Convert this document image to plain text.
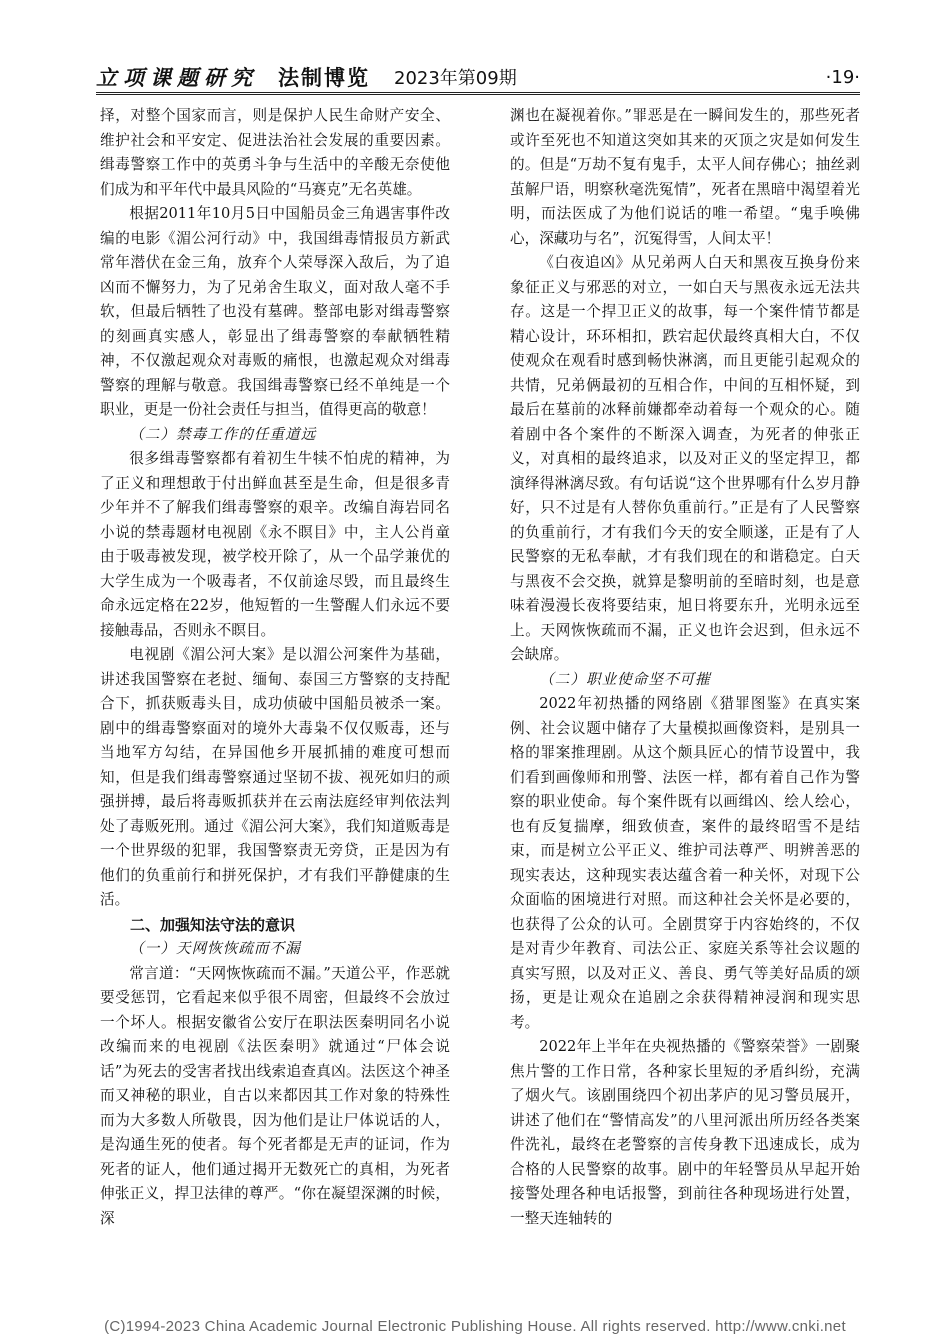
立项课题研究 法制博览 2023年第09期	·19·

择，对整个国家而言，则是保护人民生命财产安全、维护社会和平安定、促进法治社会发展的重要因素。缉毒警察工作中的英勇斗争与生活中的辛酸无奈使他们成为和平年代中最具风险的“马赛克”无名英雄。

根据2011年10月5日中国船员金三角遇害事件改编的电影《湄公河行动》中，我国缉毒情报员方新武常年潜伏在金三角，放弃个人荣辱深入敌后，为了追凶而不懈努力，为了兄弟舍生取义，面对敌人毫不手软，但最后牺牲了也没有墓碑。整部电影对缉毒警察的刻画真实感人，彰显出了缉毒警察的奉献牺牲精神，不仅激起观众对毒贩的痛恨，也激起观众对缉毒警察的理解与敬意。我国缉毒警察已经不单纯是一个职业，更是一份社会责任与担当，值得更高的敬意！

（二）禁毒工作的任重道远

很多缉毒警察都有着初生牛犊不怕虎的精神，为了正义和理想敢于付出鲜血甚至是生命，但是很多青少年并不了解我们缉毒警察的艰辛。改编自海岩同名小说的禁毒题材电视剧《永不瞑目》中，主人公肖童由于吸毒被发现，被学校开除了，从一个品学兼优的大学生成为一个吸毒者，不仅前途尽毁，而且最终生命永远定格在22岁，他短暂的一生警醒人们永远不要接触毒品，否则永不瞑目。

电视剧《湄公河大案》是以湄公河案件为基础，讲述我国警察在老挝、缅甸、泰国三方警察的支持配合下，抓获贩毒头目，成功侦破中国船员被杀一案。剧中的缉毒警察面对的境外大毒枭不仅仅贩毒，还与当地军方勾结，在异国他乡开展抓捕的难度可想而知，但是我们缉毒警察通过坚韧不拔、视死如归的顽强拼搏，最后将毒贩抓获并在云南法庭经审判依法判处了毒贩死刑。通过《湄公河大案》，我们知道贩毒是一个世界级的犯罪，我国警察责无旁贷，正是因为有他们的负重前行和拼死保护，才有我们平静健康的生活。

二、加强知法守法的意识
（一）天网恢恢疏而不漏

常言道：“天网恢恢疏而不漏。”天道公平，作恶就要受惩罚，它看起来似乎很不周密，但最终不会放过一个坏人。根据安徽省公安厅在职法医秦明同名小说改编而来的电视剧《法医秦明》就通过“尸体会说话”为死去的受害者找出线索追查真凶。法医这个神圣而又神秘的职业，自古以来都因其工作对象的特殊性而为大多数人所敬畏，因为他们是让尸体说话的人，是沟通生死的使者。每个死者都是无声的证词，作为死者的证人，他们通过揭开无数死亡的真相，为死者伸张正义，捍卫法律的尊严。“你在凝望深渊的时候，深

渊也在凝视着你。”罪恶是在一瞬间发生的，那些死者或许至死也不知道这突如其来的灭顶之灾是如何发生的。但是“万劫不复有鬼手，太平人间存佛心；抽丝剥茧解尸语，明察秋毫洗冤情”，死者在黑暗中渴望着光明，而法医成了为他们说话的唯一希望。“鬼手唤佛心，深藏功与名”，沉冤得雪，人间太平！

《白夜追凶》从兄弟两人白天和黑夜互换身份来象征正义与邪恶的对立，一如白天与黑夜永远无法共存。这是一个捍卫正义的故事，每一个案件情节都是精心设计，环环相扣，跌宕起伏最终真相大白，不仅使观众在观看时感到畅快淋漓，而且更能引起观众的共情，兄弟俩最初的互相合作，中间的互相怀疑，到最后在墓前的冰释前嫌都牵动着每一个观众的心。随着剧中各个案件的不断深入调查，为死者的伸张正义，对真相的最终追求，以及对正义的坚定捍卫，都演绎得淋漓尽致。有句话说“这个世界哪有什么岁月静好，只不过是有人替你负重前行。”正是有了人民警察的负重前行，才有我们今天的安全顺遂，正是有了人民警察的无私奉献，才有我们现在的和谐稳定。白天与黑夜不会交换，就算是黎明前的至暗时刻，也是意味着漫漫长夜将要结束，旭日将要东升，光明永远至上。天网恢恢疏而不漏，正义也许会迟到，但永远不会缺席。

（二）职业使命坚不可摧

2022年初热播的网络剧《猎罪图鉴》在真实案例、社会议题中储存了大量模拟画像资料，是别具一格的罪案推理剧。从这个颇具匠心的情节设置中，我们看到画像师和刑警、法医一样，都有着自己作为警察的职业使命。每个案件既有以画缉凶、绘人绘心，也有反复揣摩，细致侦查，案件的最终昭雪不是结束，而是树立公平正义、维护司法尊严、明辨善恶的现实表达，这种现实表达蕴含着一种关怀，对现下公众面临的困境进行对照。而这种社会关怀是必要的，也获得了公众的认可。全剧贯穿于内容始终的，不仅是对青少年教育、司法公正、家庭关系等社会议题的真实写照，以及对正义、善良、勇气等美好品质的颂扬，更是让观众在追剧之余获得精神浸润和现实思考。

2022年上半年在央视热播的《警察荣誉》一剧聚焦片警的工作日常，各种家长里短的矛盾纠纷，充满了烟火气。该剧围绕四个初出茅庐的见习警员展开，讲述了他们在“警情高发”的八里河派出所历经各类案件洗礼，最终在老警察的言传身教下迅速成长，成为合格的人民警察的故事。剧中的年轻警员从早起开始接警处理各种电话报警，到前往各种现场进行处置，一整天连轴转的

(C)1994-2023 China Academic Journal Electronic Publishing House. All rights reserved. http://www.cnki.net
